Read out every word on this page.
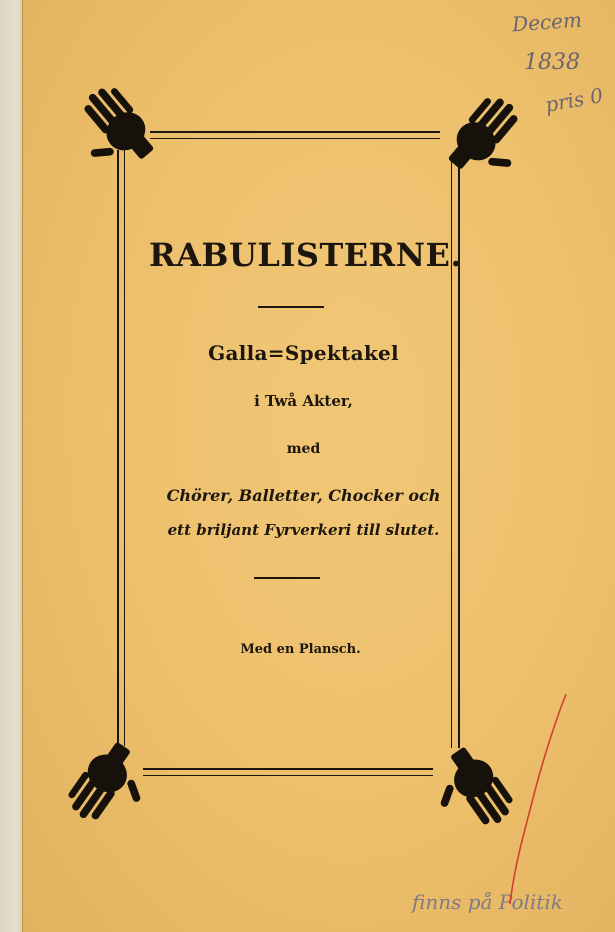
RABULISTERNE.
Galla=Spektakel
i Twå Akter,
med
Chörer, Balletter, Chocker och
ett briljant Fyrverkeri till slutet.
Med en Plansch.
Decem
1838
pris 0
finns på Politik
